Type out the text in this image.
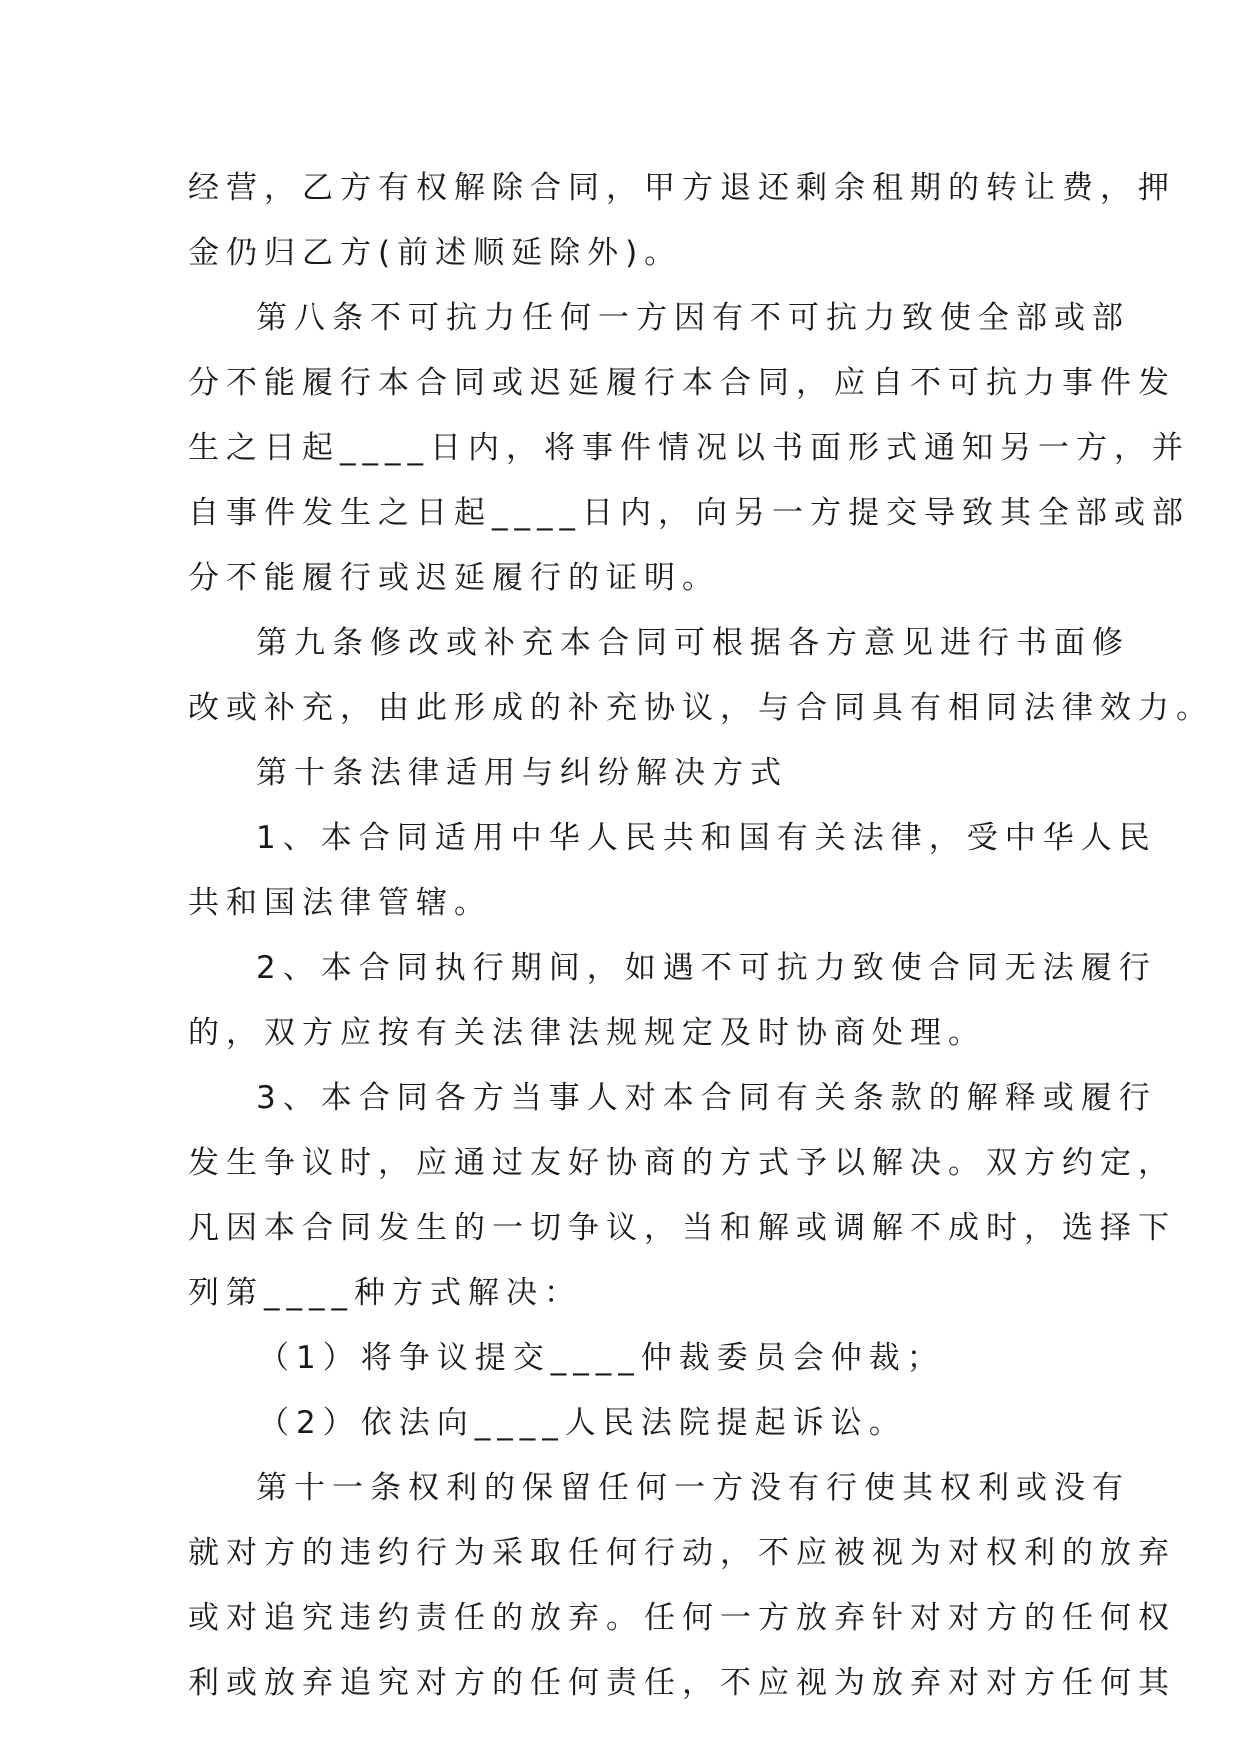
经营，乙方有权解除合同，甲方退还剩余租期的转让费，押
金仍归乙方(前述顺延除外)。
第八条不可抗力任何一方因有不可抗力致使全部或部
分不能履行本合同或迟延履行本合同，应自不可抗力事件发
生之日起____日内，将事件情况以书面形式通知另一方，并
自事件发生之日起____日内，向另一方提交导致其全部或部
分不能履行或迟延履行的证明。
第九条修改或补充本合同可根据各方意见进行书面修
改或补充，由此形成的补充协议，与合同具有相同法律效力。
第十条法律适用与纠纷解决方式
1、本合同适用中华人民共和国有关法律，受中华人民
共和国法律管辖。
2、本合同执行期间，如遇不可抗力致使合同无法履行
的，双方应按有关法律法规规定及时协商处理。
3、本合同各方当事人对本合同有关条款的解释或履行
发生争议时，应通过友好协商的方式予以解决。双方约定，
凡因本合同发生的一切争议，当和解或调解不成时，选择下
列第____种方式解决：
（1）将争议提交____仲裁委员会仲裁；
（2）依法向____人民法院提起诉讼。
第十一条权利的保留任何一方没有行使其权利或没有
就对方的违约行为采取任何行动，不应被视为对权利的放弃
或对追究违约责任的放弃。任何一方放弃针对对方的任何权
利或放弃追究对方的任何责任，不应视为放弃对对方任何其
